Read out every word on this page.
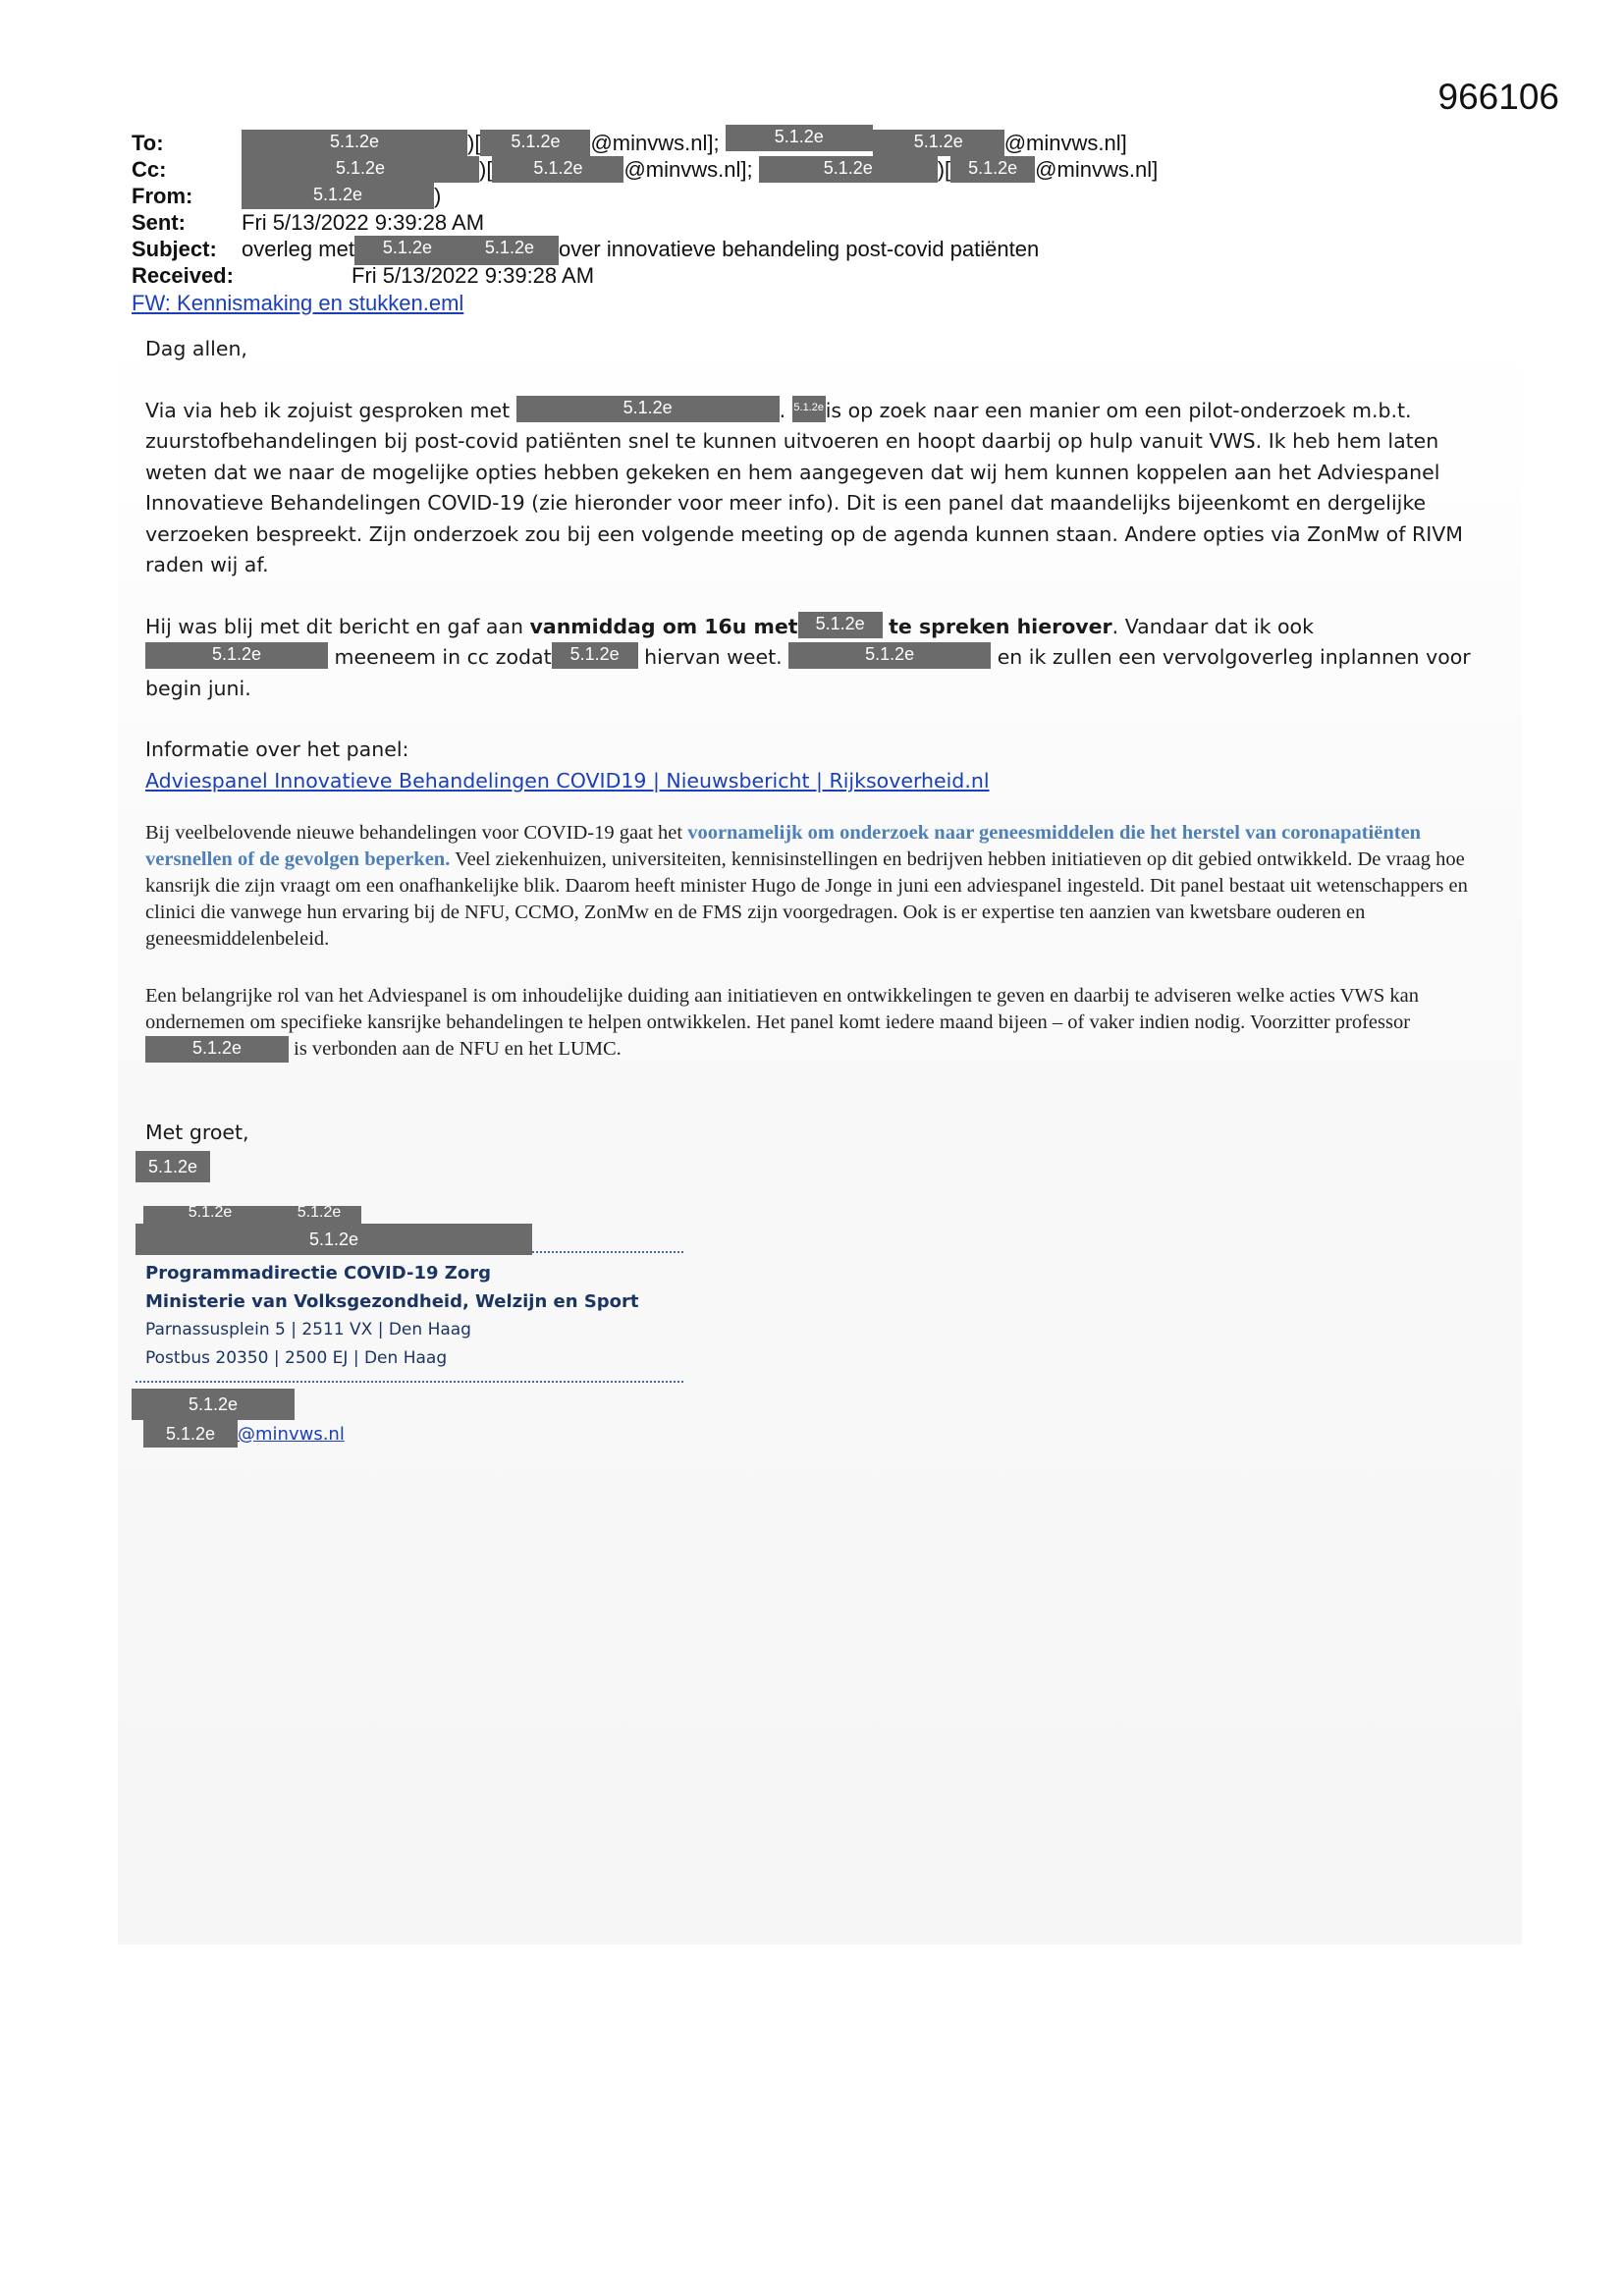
966106
To:	5.1.2e	)[ 5.1.2e @minvws.nl];	5.1.2e	5.1.2e @minvws.nl]
Cc:	5.1.2e	)[ 5.1.2e @minvws.nl];	5.1.2e	)[ 5.1.2e @minvws.nl]
From:	5.1.2e	)
Sent:	Fri 5/13/2022 9:39:28 AM
Subject: overleg met 5.1.2e	5.1.2e over innovatieve behandeling post-covid patiënten
Received:	Fri 5/13/2022 9:39:28 AM
FW: Kennismaking en stukken.eml

Dag allen,

Via via heb ik zojuist gesproken met	5.1.2e	. 5.1.2eis op zoek naar een manier om een pilot-onderzoek m.b.t. zuurstofbehandelingen bij post-covid patiënten snel te kunnen uitvoeren en hoopt daarbij op hulp vanuit VWS. Ik heb hem laten weten dat we naar de mogelijke opties hebben gekeken en hem aangegeven dat wij hem kunnen koppelen aan het Adviespanel Innovatieve Behandelingen COVID-19 (zie hieronder voor meer info). Dit is een panel dat maandelijks bijeenkomt en dergelijke verzoeken bespreekt. Zijn onderzoek zou bij een volgende meeting op de agenda kunnen staan. Andere opties via ZonMw of RIVM raden wij af.

Hij was blij met dit bericht en gaf aan vanmiddag om 16u met 5.1.2e te spreken hierover. Vandaar dat ik ook 5.1.2e	meeneem in cc zodat 5.1.2e hiervan weet.	5.1.2e	en ik zullen een vervolgoverleg inplannen voor begin juni.

Informatie over het panel:
Adviespanel Innovatieve Behandelingen COVID19 | Nieuwsbericht | Rijksoverheid.nl

Bij veelbelovende nieuwe behandelingen voor COVID-19 gaat het voornamelijk om onderzoek naar geneesmiddelen die het herstel van coronapatiënten versnellen of de gevolgen beperken. Veel ziekenhuizen, universiteiten, kennisinstellingen en bedrijven hebben initiatieven op dit gebied ontwikkeld. De vraag hoe kansrijk die zijn vraagt om een onafhankelijke blik. Daarom heeft minister Hugo de Jonge in juni een adviespanel ingesteld. Dit panel bestaat uit wetenschappers en clinici die vanwege hun ervaring bij de NFU, CCMO, ZonMw en de FMS zijn voorgedragen. Ook is er expertise ten aanzien van kwetsbare ouderen en geneesmiddelenbeleid.

Een belangrijke rol van het Adviespanel is om inhoudelijke duiding aan initiatieven en ontwikkelingen te geven en daarbij te adviseren welke acties VWS kan ondernemen om specifieke kansrijke behandelingen te helpen ontwikkelen. Het panel komt iedere maand bijeen – of vaker indien nodig. Voorzitter professor 5.1.2e	is verbonden aan de NFU en het LUMC.

Met groet,

5.1.2e
5.1.2e	5.1.2e
5.1.2e
Programmadirectie COVID-19 Zorg
Ministerie van Volksgezondheid, Welzijn en Sport
Parnassusplein 5 | 2511 VX | Den Haag
Postbus 20350 | 2500 EJ | Den Haag
5.1.2e
5.1.2e @minvws.nl
